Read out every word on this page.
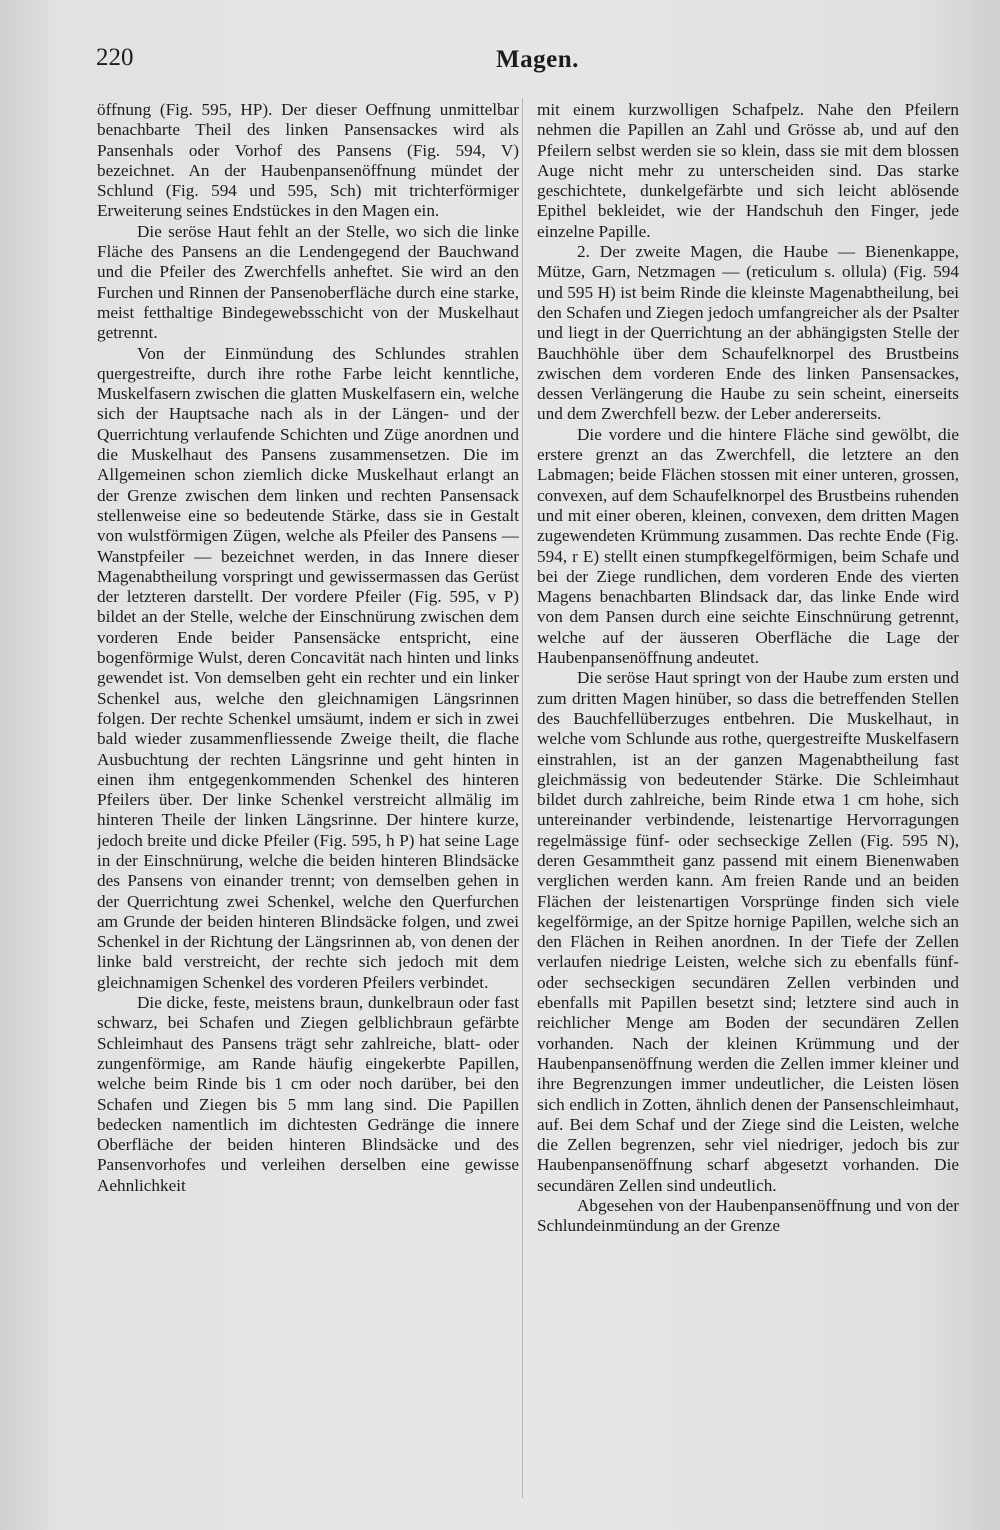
220	Magen.

öffnung (Fig. 595, HP). Der dieser Oeffnung unmittelbar benachbarte Theil des linken Pansensackes wird als Pansenhals oder Vorhof des Pansens (Fig. 594, V) bezeichnet. An der Haubenpansenöffnung mündet der Schlund (Fig. 594 und 595, Sch) mit trichterförmiger Erweiterung seines Endstückes in den Magen ein.

Die seröse Haut fehlt an der Stelle, wo sich die linke Fläche des Pansens an die Lendengegend der Bauchwand und die Pfeiler des Zwerchfells anheftet. Sie wird an den Furchen und Rinnen der Pansenoberfläche durch eine starke, meist fetthaltige Bindegewebsschicht von der Muskelhaut getrennt.

Von der Einmündung des Schlundes strahlen quergestreifte, durch ihre rothe Farbe leicht kenntliche, Muskelfasern zwischen die glatten Muskelfasern ein, welche sich der Hauptsache nach als in der Längen- und der Querrichtung verlaufende Schichten und Züge anordnen und die Muskelhaut des Pansens zusammensetzen. Die im Allgemeinen schon ziemlich dicke Muskelhaut erlangt an der Grenze zwischen dem linken und rechten Pansensack stellenweise eine so bedeutende Stärke, dass sie in Gestalt von wulstförmigen Zügen, welche als Pfeiler des Pansens — Wanstpfeiler — bezeichnet werden, in das Innere dieser Magenabtheilung vorspringt und gewissermassen das Gerüst der letzteren darstellt. Der vordere Pfeiler (Fig. 595, v P) bildet an der Stelle, welche der Einschnürung zwischen dem vorderen Ende beider Pansensäcke entspricht, eine bogenförmige Wulst, deren Concavität nach hinten und links gewendet ist. Von demselben geht ein rechter und ein linker Schenkel aus, welche den gleichnamigen Längsrinnen folgen. Der rechte Schenkel umsäumt, indem er sich in zwei bald wieder zusammenfliessende Zweige theilt, die flache Ausbuchtung der rechten Längsrinne und geht hinten in einen ihm entgegenkommenden Schenkel des hinteren Pfeilers über. Der linke Schenkel verstreicht allmälig im hinteren Theile der linken Längsrinne. Der hintere kurze, jedoch breite und dicke Pfeiler (Fig. 595, h P) hat seine Lage in der Einschnürung, welche die beiden hinteren Blindsäcke des Pansens von einander trennt; von demselben gehen in der Querrichtung zwei Schenkel, welche den Querfurchen am Grunde der beiden hinteren Blindsäcke folgen, und zwei Schenkel in der Richtung der Längsrinnen ab, von denen der linke bald verstreicht, der rechte sich jedoch mit dem gleichnamigen Schenkel des vorderen Pfeilers verbindet.

Die dicke, feste, meistens braun, dunkelbraun oder fast schwarz, bei Schafen und Ziegen gelblichbraun gefärbte Schleimhaut des Pansens trägt sehr zahlreiche, blatt- oder zungenförmige, am Rande häufig eingekerbte Papillen, welche beim Rinde bis 1 cm oder noch darüber, bei den Schafen und Ziegen bis 5 mm lang sind. Die Papillen bedecken namentlich im dichtesten Gedränge die innere Oberfläche der beiden hinteren Blindsäcke und des Pansenvorhofes und verleihen derselben eine gewisse Aehnlichkeit

mit einem kurzwolligen Schafpelz. Nahe den Pfeilern nehmen die Papillen an Zahl und Grösse ab, und auf den Pfeilern selbst werden sie so klein, dass sie mit dem blossen Auge nicht mehr zu unterscheiden sind. Das starke geschichtete, dunkelgefärbte und sich leicht ablösende Epithel bekleidet, wie der Handschuh den Finger, jede einzelne Papille.

2. Der zweite Magen, die Haube — Bienenkappe, Mütze, Garn, Netzmagen — (reticulum s. ollula) (Fig. 594 und 595 H) ist beim Rinde die kleinste Magenabtheilung, bei den Schafen und Ziegen jedoch umfangreicher als der Psalter und liegt in der Querrichtung an der abhängigsten Stelle der Bauchhöhle über dem Schaufelknorpel des Brustbeins zwischen dem vorderen Ende des linken Pansensackes, dessen Verlängerung die Haube zu sein scheint, einerseits und dem Zwerchfell bezw. der Leber andererseits.

Die vordere und die hintere Fläche sind gewölbt, die erstere grenzt an das Zwerchfell, die letztere an den Labmagen; beide Flächen stossen mit einer unteren, grossen, convexen, auf dem Schaufelknorpel des Brustbeins ruhenden und mit einer oberen, kleinen, convexen, dem dritten Magen zugewendeten Krümmung zusammen. Das rechte Ende (Fig. 594, r E) stellt einen stumpfkegelförmigen, beim Schafe und bei der Ziege rundlichen, dem vorderen Ende des vierten Magens benachbarten Blindsack dar, das linke Ende wird von dem Pansen durch eine seichte Einschnürung getrennt, welche auf der äusseren Oberfläche die Lage der Haubenpansenöffnung andeutet.

Die seröse Haut springt von der Haube zum ersten und zum dritten Magen hinüber, so dass die betreffenden Stellen des Bauchfellüberzuges entbehren. Die Muskelhaut, in welche vom Schlunde aus rothe, quergestreifte Muskelfasern einstrahlen, ist an der ganzen Magenabtheilung fast gleichmässig von bedeutender Stärke. Die Schleimhaut bildet durch zahlreiche, beim Rinde etwa 1 cm hohe, sich untereinander verbindende, leistenartige Hervorragungen regelmässige fünf- oder sechseckige Zellen (Fig. 595 N), deren Gesammtheit ganz passend mit einem Bienenwaben verglichen werden kann. Am freien Rande und an beiden Flächen der leistenartigen Vorsprünge finden sich viele kegelförmige, an der Spitze hornige Papillen, welche sich an den Flächen in Reihen anordnen. In der Tiefe der Zellen verlaufen niedrige Leisten, welche sich zu ebenfalls fünf- oder sechseckigen secundären Zellen verbinden und ebenfalls mit Papillen besetzt sind; letztere sind auch in reichlicher Menge am Boden der secundären Zellen vorhanden. Nach der kleinen Krümmung und der Haubenpansenöffnung werden die Zellen immer kleiner und ihre Begrenzungen immer undeutlicher, die Leisten lösen sich endlich in Zotten, ähnlich denen der Pansenschleimhaut, auf. Bei dem Schaf und der Ziege sind die Leisten, welche die Zellen begrenzen, sehr viel niedriger, jedoch bis zur Haubenpansenöffnung scharf abgesetzt vorhanden. Die secundären Zellen sind undeutlich.

Abgesehen von der Haubenpansenöffnung und von der Schlundeinmündung an der Grenze
